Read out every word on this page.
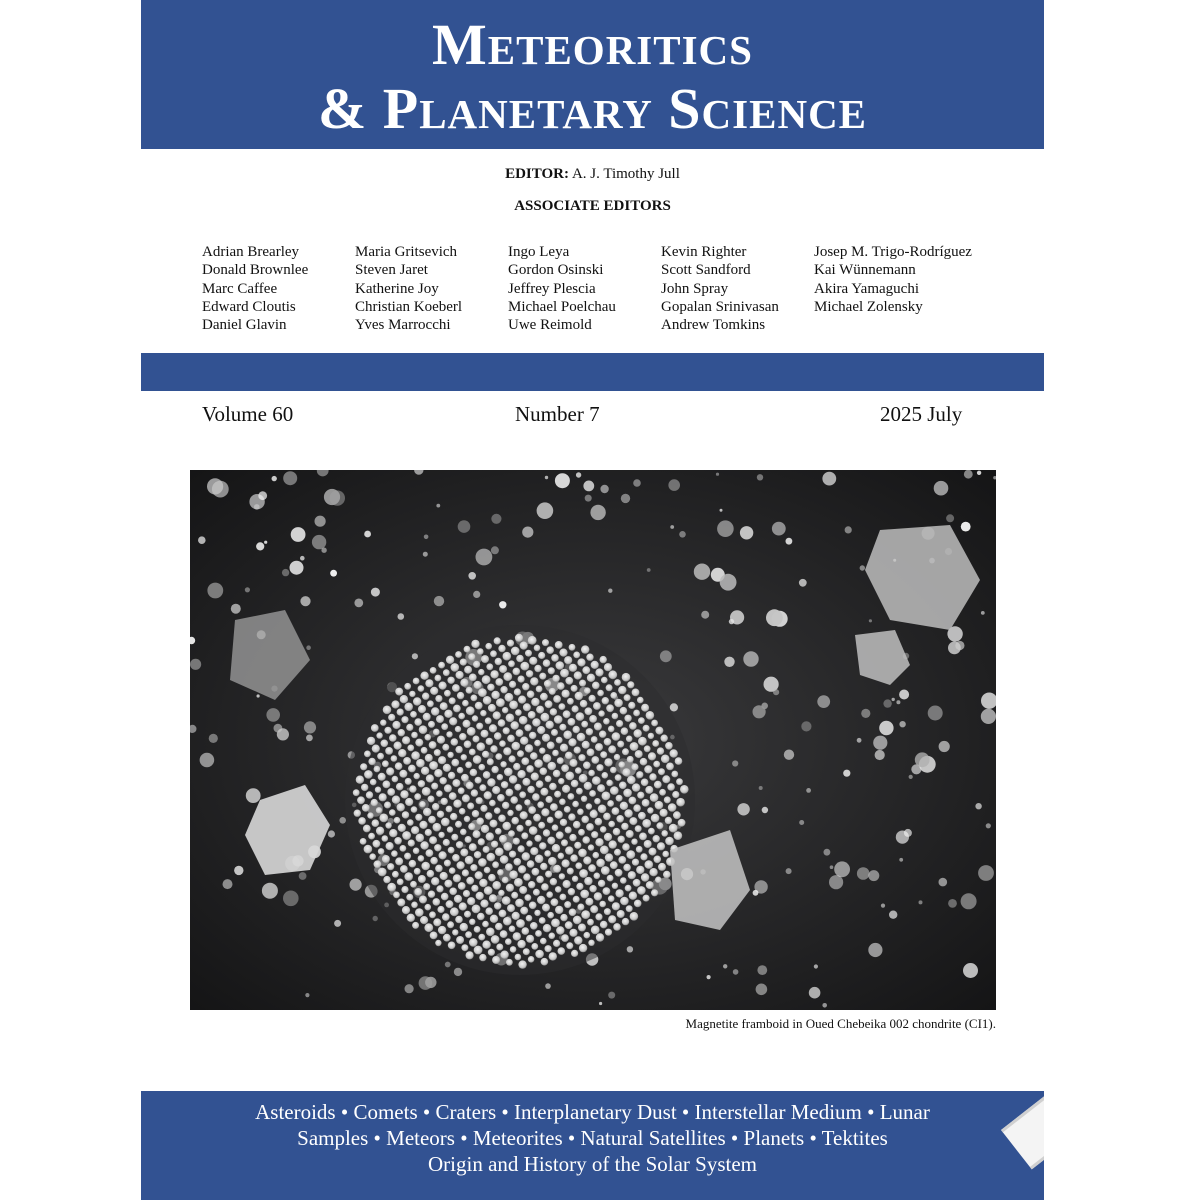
Meteoritics
& Planetary Science
EDITOR: A. J. Timothy Jull
ASSOCIATE EDITORS
Adrian Brearley
Donald Brownlee
Marc Caffee
Edward Cloutis
Daniel Glavin
Maria Gritsevich
Steven Jaret
Katherine Joy
Christian Koeberl
Yves Marrocchi
Ingo Leya
Gordon Osinski
Jeffrey Plescia
Michael Poelchau
Uwe Reimold
Kevin Righter
Scott Sandford
John Spray
Gopalan Srinivasan
Andrew Tomkins
Josep M. Trigo-Rodríguez
Kai Wünnemann
Akira Yamaguchi
Michael Zolensky
Volume 60	Number 7	2025 July
Magnetite framboid in Oued Chebeika 002 chondrite (CI1).
Asteroids • Comets • Craters • Interplanetary Dust • Interstellar Medium • Lunar
Samples • Meteors • Meteorites • Natural Satellites • Planets • Tektites
Origin and History of the Solar System
